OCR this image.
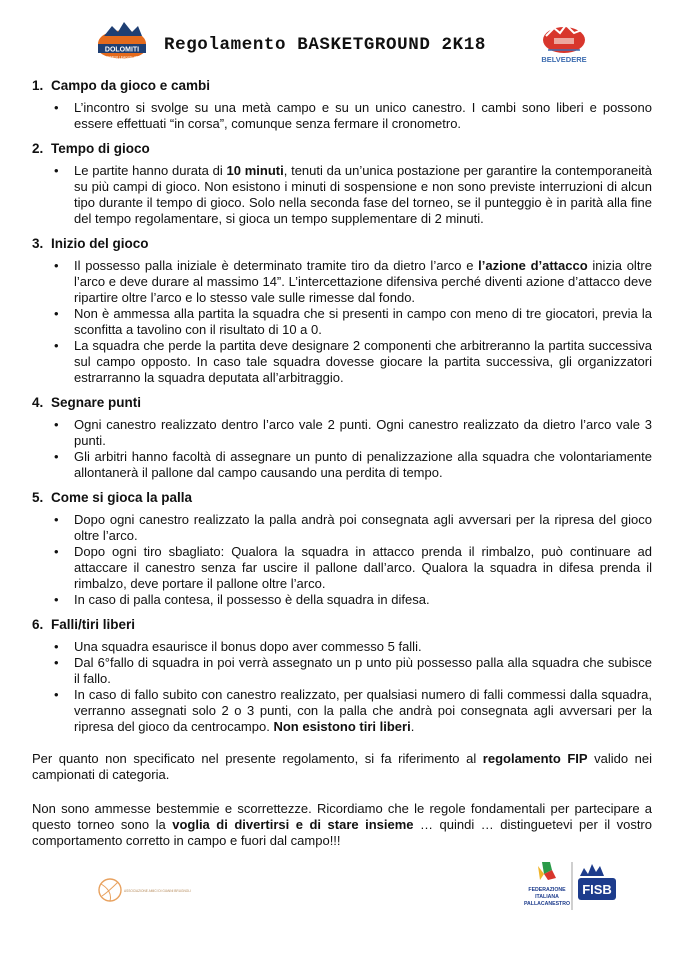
DOLOMITI
SUMMER LEAGUE 2018
Regolamento BASKETGROUND 2K18
BELVEDERE
1. Campo da gioco e cambi
• L’incontro si svolge su una metà campo e su un unico canestro. I cambi sono liberi e possono essere effettuati “in corsa”, comunque senza fermare il cronometro.
2. Tempo di gioco
• Le partite hanno durata di 10 minuti, tenuti da un’unica postazione per garantire la contemporaneità su più campi di gioco. Non esistono i minuti di sospensione e non sono previste interruzioni di alcun tipo durante il tempo di gioco. Solo nella seconda fase del torneo, se il punteggio è in parità alla fine del tempo regolamentare, si gioca un tempo supplementare di 2 minuti.
3. Inizio del gioco
• Il possesso palla iniziale è determinato tramite tiro da dietro l’arco e l’azione d’attacco inizia oltre l’arco e deve durare al massimo 14”. L’intercettazione difensiva perché diventi azione d’attacco deve ripartire oltre l’arco e lo stesso vale sulle rimesse dal fondo.
• Non è ammessa alla partita la squadra che si presenti in campo con meno di tre giocatori, previa la sconfitta a tavolino con il risultato di 10 a 0.
• La squadra che perde la partita deve designare 2 componenti che arbitreranno la partita successiva sul campo opposto. In caso tale squadra dovesse giocare la partita successiva, gli organizzatori estrarranno la squadra deputata all’arbitraggio.
4. Segnare punti
• Ogni canestro realizzato dentro l’arco vale 2 punti. Ogni canestro realizzato da dietro l’arco vale 3 punti.
• Gli arbitri hanno facoltà di assegnare un punto di penalizzazione alla squadra che volontariamente allontanerà il pallone dal campo causando una perdita di tempo.
5. Come si gioca la palla
• Dopo ogni canestro realizzato la palla andrà poi consegnata agli avversari per la ripresa del gioco oltre l’arco.
• Dopo ogni tiro sbagliato: Qualora la squadra in attacco prenda il rimbalzo, può continuare ad attaccare il canestro senza far uscire il pallone dall’arco. Qualora la squadra in difesa prenda il rimbalzo, deve portare il pallone oltre l’arco.
• In caso di palla contesa, il possesso è della squadra in difesa.
6. Falli/tiri liberi
• Una squadra esaurisce il bonus dopo aver commesso 5 falli.
• Dal 6°fallo di squadra in poi verrà assegnato un p unto più possesso palla alla squadra che subisce il fallo.
• In caso di fallo subito con canestro realizzato, per qualsiasi numero di falli commessi dalla squadra, verranno assegnati solo 2 o 3 punti, con la palla che andrà poi consegnata agli avversari per la ripresa del gioco da centrocampo. Non esistono tiri liberi.

Per quanto non specificato nel presente regolamento, si fa riferimento al regolamento FIP valido nei campionati di categoria.

Non sono ammesse bestemmie e scorrettezze. Ricordiamo che le regole fondamentali per partecipare a questo torneo sono la voglia di divertirsi e di stare insieme … quindi … distinguetevi per il vostro comportamento corretto in campo e fuori dal campo!!!

ASSOCIAZIONE AMICI DI GIANNI BRUGNOLI	FEDERAZIONE
ITALIANA
PALLACANESTRO
FISB
